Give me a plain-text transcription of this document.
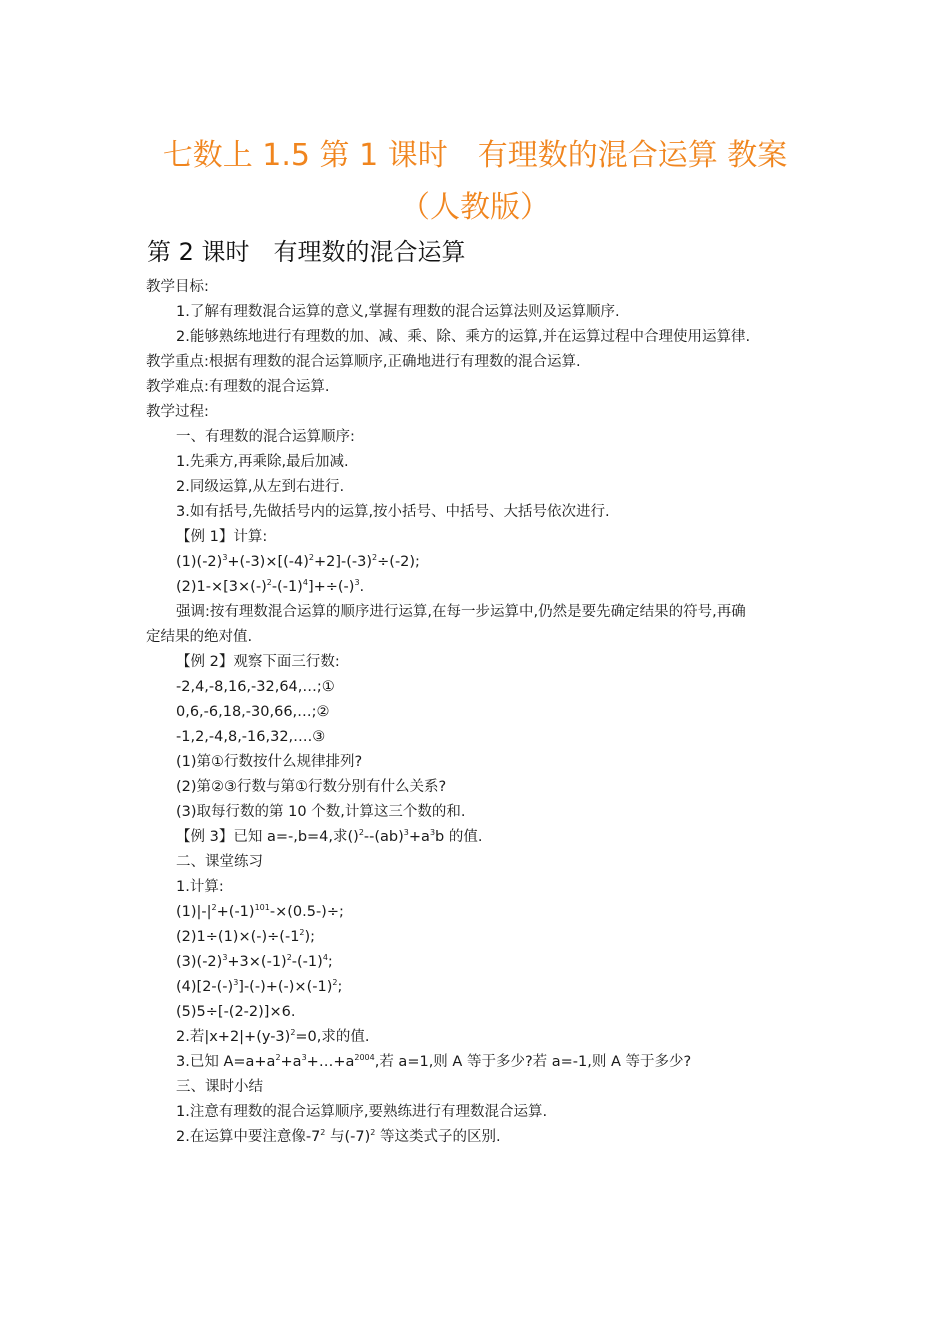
七数上 1.5 第 1 课时　有理数的混合运算 教案
（人教版）
第 2 课时　有理数的混合运算
教学目标:
1.了解有理数混合运算的意义,掌握有理数的混合运算法则及运算顺序.
2.能够熟练地进行有理数的加、减、乘、除、乘方的运算,并在运算过程中合理使用运算律.
教学重点:根据有理数的混合运算顺序,正确地进行有理数的混合运算.
教学难点:有理数的混合运算.
教学过程:
一、有理数的混合运算顺序:
1.先乘方,再乘除,最后加减.
2.同级运算,从左到右进行.
3.如有括号,先做括号内的运算,按小括号、中括号、大括号依次进行.
【例 1】计算:
$(1)(-2)^3+(-3)\times[(-4)^2+2]-(-3)^2\div(-2)$;
$(2)1-\times[3\times(-)^2-(-1)^4]+\div(-)^3$.
强调:按有理数混合运算的顺序进行运算,在每一步运算中,仍然是要先确定结果的符号,再确
定结果的绝对值.
【例 2】观察下面三行数:
-2,4,-8,16,-32,64,…;①
0,6,-6,18,-30,66,…;②
-1,2,-4,8,-16,32,….③
(1)第①行数按什么规律排列?
(2)第②③行数与第①行数分别有什么关系?
(3)取每行数的第 10 个数,计算这三个数的和.
【例 3】已知 a=-,b=4,求$()^2--(ab)^3+a^3b$ 的值.
二、课堂练习
1.计算:
$(1)|-|^2+(-1)^{101}-\times(0.5-)\div$;
$(2)1\div(1)\times(-)\div(-1^2)$;
$(3)(-2)^3+3\times(-1)^2-(-1)^4$;
$(4)[2-(-)^3]-(-)+(-)\times(-1)^2$;
(5)5÷[-(2-2)]×6.
2.若$|x+2|+(y-3)^2=0$,求的值.
3.已知 $A=a+a^2+a^3+\dots+a^{2004}$,若 a=1,则 A 等于多少?若 a=-1,则 A 等于多少?
三、课时小结
1.注意有理数的混合运算顺序,要熟练进行有理数混合运算.
2.在运算中要注意像$-7^2$ 与$(-7)^2$ 等这类式子的区别.
